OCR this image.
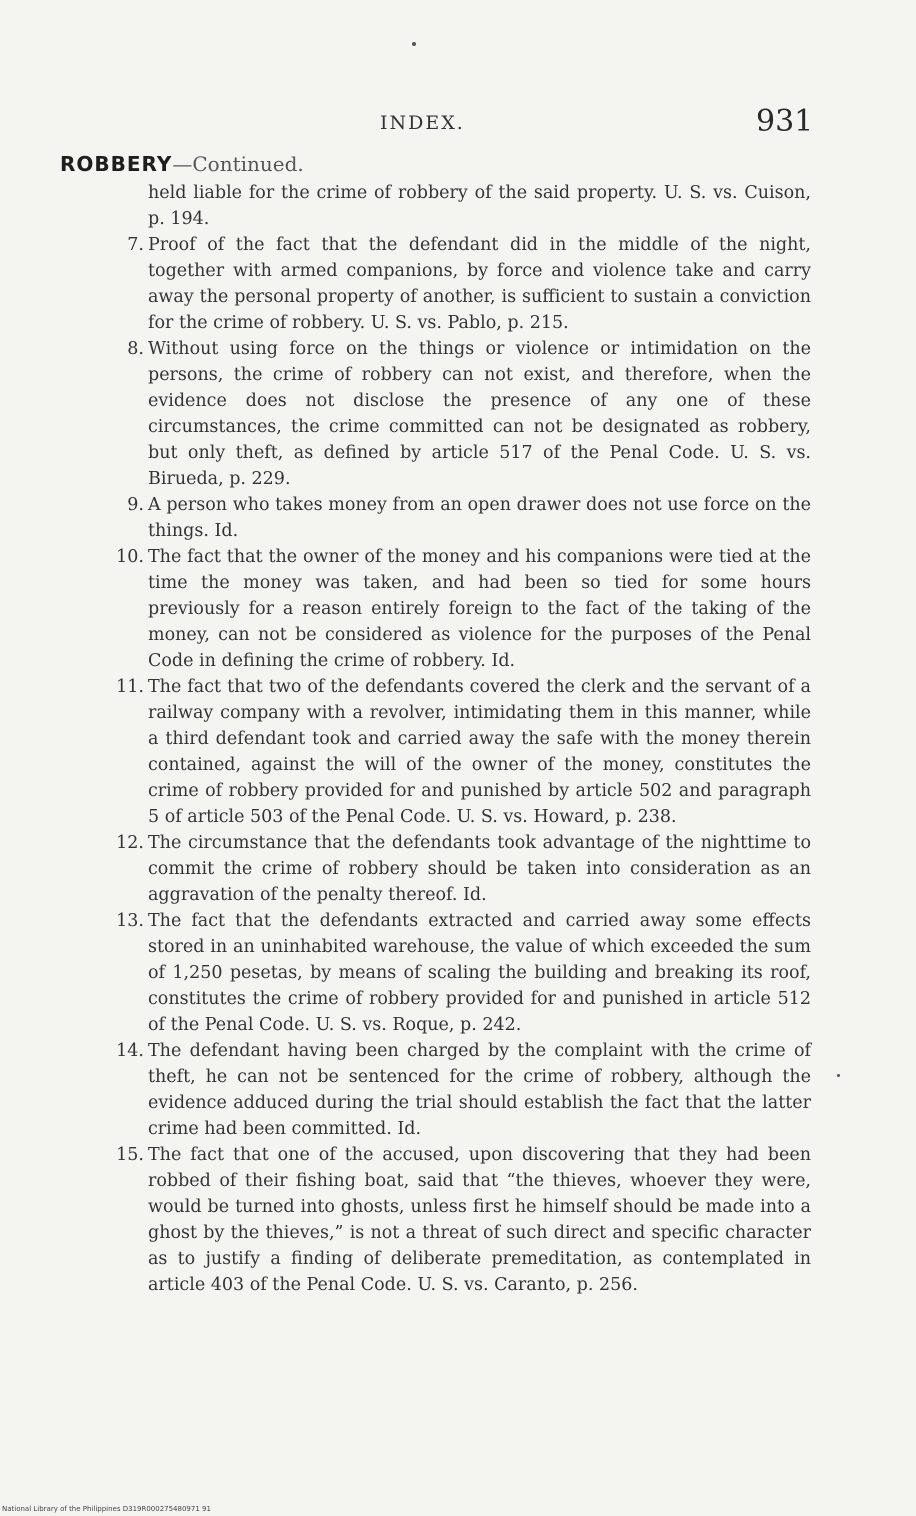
INDEX.	931
ROBBERY—Continued.
held liable for the crime of robbery of the said property. U. S. vs. Cuison, p. 194.
7. Proof of the fact that the defendant did in the middle of the night, together with armed companions, by force and violence take and carry away the personal property of another, is sufficient to sustain a conviction for the crime of robbery. U. S. vs. Pablo, p. 215.
8. Without using force on the things or violence or intimidation on the persons, the crime of robbery can not exist, and therefore, when the evidence does not disclose the presence of any one of these circumstances, the crime committed can not be designated as robbery, but only theft, as defined by article 517 of the Penal Code. U. S. vs. Birueda, p. 229.
9. A person who takes money from an open drawer does not use force on the things. Id.
10. The fact that the owner of the money and his companions were tied at the time the money was taken, and had been so tied for some hours previously for a reason entirely foreign to the fact of the taking of the money, can not be considered as violence for the purposes of the Penal Code in defining the crime of robbery. Id.
11. The fact that two of the defendants covered the clerk and the servant of a railway company with a revolver, intimidating them in this manner, while a third defendant took and carried away the safe with the money therein contained, against the will of the owner of the money, constitutes the crime of robbery provided for and punished by article 502 and paragraph 5 of article 503 of the Penal Code. U. S. vs. Howard, p. 238.
12. The circumstance that the defendants took advantage of the nighttime to commit the crime of robbery should be taken into consideration as an aggravation of the penalty thereof. Id.
13. The fact that the defendants extracted and carried away some effects stored in an uninhabited warehouse, the value of which exceeded the sum of 1,250 pesetas, by means of scaling the building and breaking its roof, constitutes the crime of robbery provided for and punished in article 512 of the Penal Code. U. S. vs. Roque, p. 242.
14. The defendant having been charged by the complaint with the crime of theft, he can not be sentenced for the crime of robbery, although the evidence adduced during the trial should establish the fact that the latter crime had been committed. Id.
15. The fact that one of the accused, upon discovering that they had been robbed of their fishing boat, said that “the thieves, whoever they were, would be turned into ghosts, unless first he himself should be made into a ghost by the thieves,” is not a threat of such direct and specific character as to justify a finding of deliberate premeditation, as contemplated in article 403 of the Penal Code. U. S. vs. Caranto, p. 256.
National Library of the Philippines D319R000275480971 91
